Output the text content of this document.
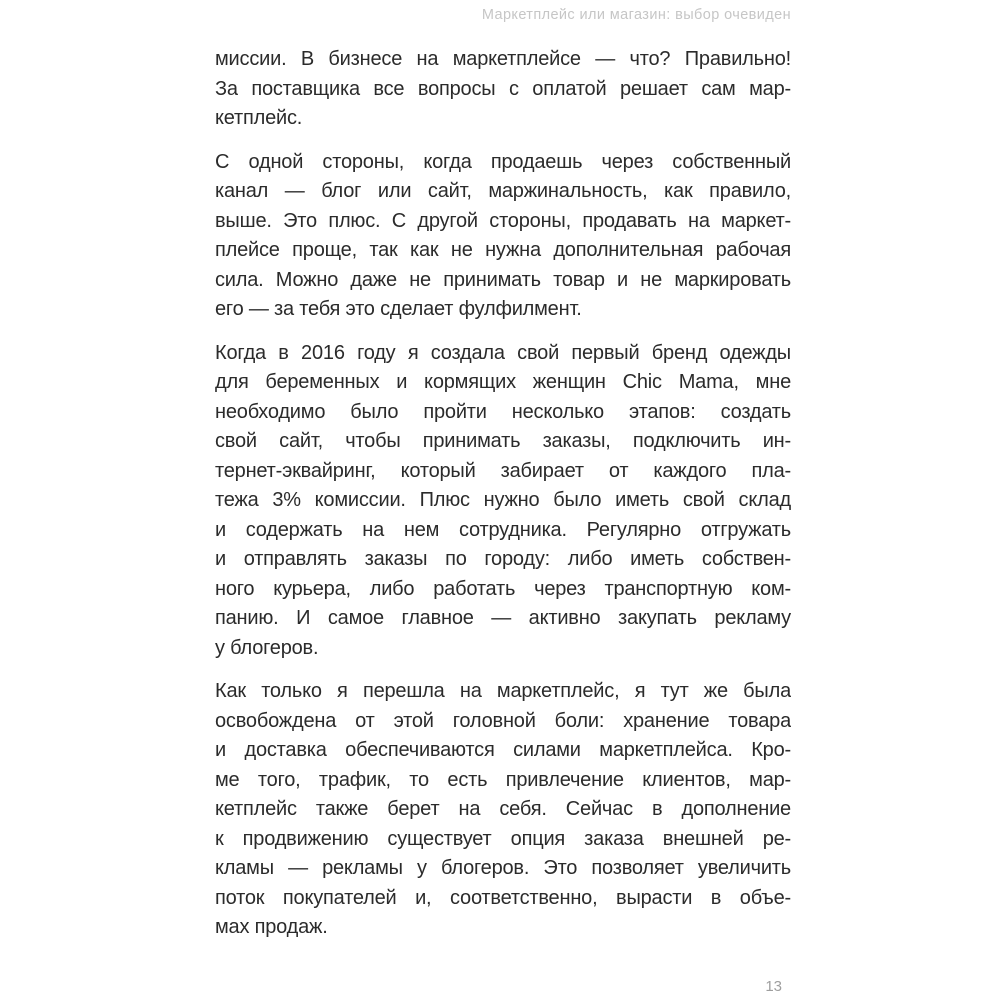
Маркетплейс или магазин: выбор очевиден
миссии. В бизнесе на маркетплейсе — что? Правильно!
За поставщика все вопросы с оплатой решает сам мар-
кетплейс.
С одной стороны, когда продаешь через собственный
канал — блог или сайт, маржинальность, как правило,
выше. Это плюс. С другой стороны, продавать на маркет-
плейсе проще, так как не нужна дополнительная рабочая
сила. Можно даже не принимать товар и не маркировать
его — за тебя это сделает фулфилмент.
Когда в 2016 году я создала свой первый бренд одежды
для беременных и кормящих женщин Chic Mama, мне
необходимо было пройти несколько этапов: создать
свой сайт, чтобы принимать заказы, подключить ин-
тернет-эквайринг, который забирает от каждого пла-
тежа 3% комиссии. Плюс нужно было иметь свой склад
и содержать на нем сотрудника. Регулярно отгружать
и отправлять заказы по городу: либо иметь собствен-
ного курьера, либо работать через транспортную ком-
панию. И самое главное — активно закупать рекламу
у блогеров.
Как только я перешла на маркетплейс, я тут же была
освобождена от этой головной боли: хранение товара
и доставка обеспечиваются силами маркетплейса. Кро-
ме того, трафик, то есть привлечение клиентов, мар-
кетплейс также берет на себя. Сейчас в дополнение
к продвижению существует опция заказа внешней ре-
кламы — рекламы у блогеров. Это позволяет увеличить
поток покупателей и, соответственно, вырасти в объе-
мах продаж.
13
